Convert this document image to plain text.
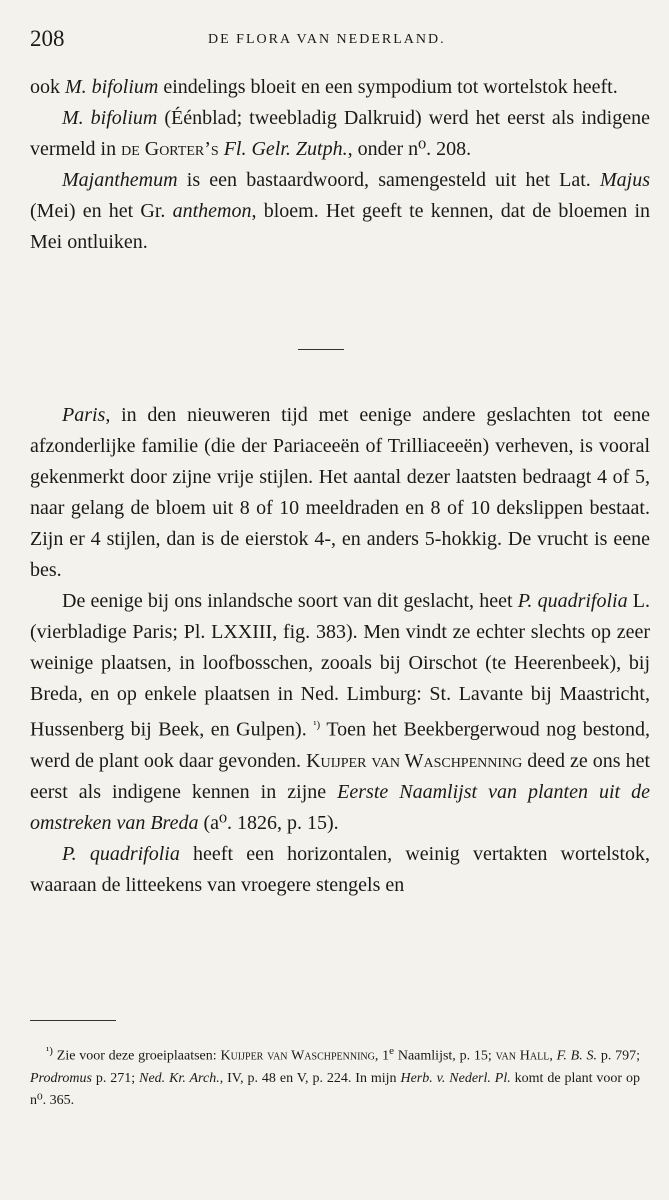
208	DE FLORA VAN NEDERLAND.

ook M. bifolium eindelings bloeit en een sympodium tot wortelstok heeft.

M. bifolium (Éénblad; tweebladig Dalkruid) werd het eerst als indigene vermeld in de Gorter’s Fl. Gelr. Zutph., onder n⁰. 208.

Majanthemum is een bastaardwoord, samengesteld uit het Lat. Majus (Mei) en het Gr. anthemon, bloem. Het geeft te kennen, dat de bloemen in Mei ontluiken.

Paris, in den nieuweren tijd met eenige andere geslachten tot eene afzonderlijke familie (die der Pariaceeën of Trilliaceeën) verheven, is vooral gekenmerkt door zijne vrije stijlen. Het aantal dezer laatsten bedraagt 4 of 5, naar gelang de bloem uit 8 of 10 meeldraden en 8 of 10 dekslippen bestaat. Zijn er 4 stijlen, dan is de eierstok 4-, en anders 5-hokkig. De vrucht is eene bes.

De eenige bij ons inlandsche soort van dit geslacht, heet P. quadrifolia L. (vierbladige Paris; Pl. LXXIII, fig. 383). Men vindt ze echter slechts op zeer weinige plaatsen, in loofbosschen, zooals bij Oirschot (te Heerenbeek), bij Breda, en op enkele plaatsen in Ned. Limburg: St. Lavante bij Maastricht, Hussenberg bij Beek, en Gulpen). $^{^1)}$ Toen het Beekbergerwoud nog bestond, werd de plant ook daar gevonden. Kuijper van Waschpenning deed ze ons het eerst als indigene kennen in zijne Eerste Naamlijst van planten uit de omstreken van Breda (a⁰. 1826, p. 15).

P. quadrifolia heeft een horizontalen, weinig vertakten wortelstok, waaraan de litteekens van vroegere stengels en

$^{^1)}$ Zie voor deze groeiplaatsen: Kuijper van Waschpenning, 1e Naamlijst, p. 15; van Hall, F. B. S. p. 797; Prodromus p. 271; Ned. Kr. Arch., IV, p. 48 en V, p. 224. In mijn Herb. v. Nederl. Pl. komt de plant voor op n⁰. 365.
